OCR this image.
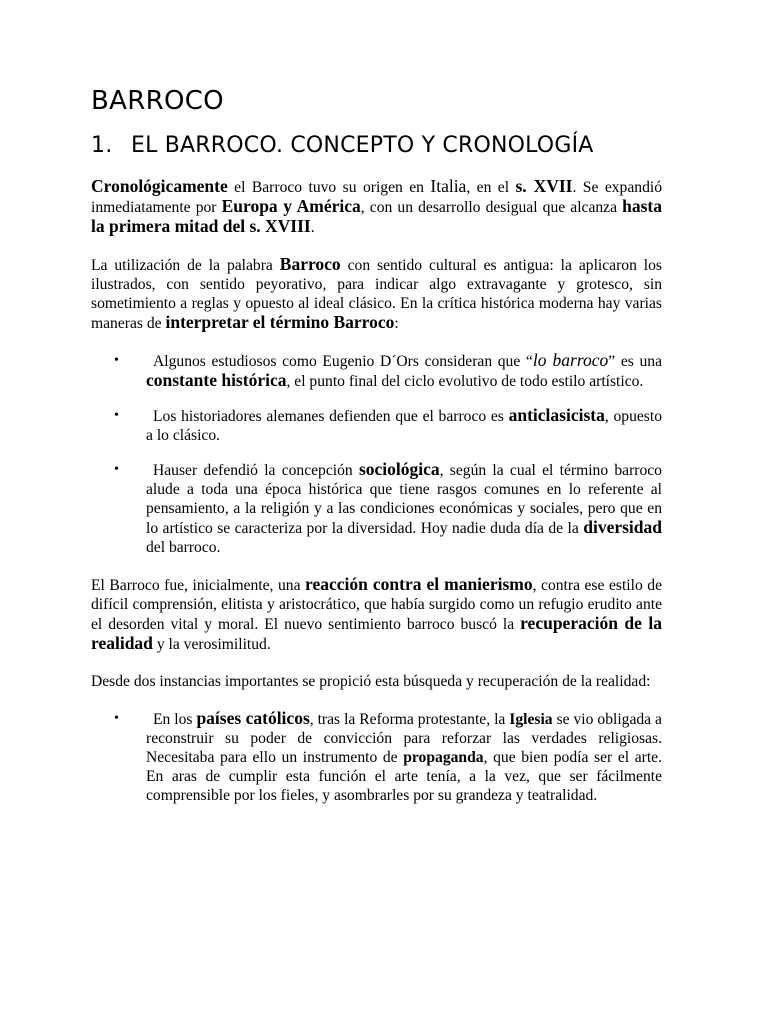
BARROCO
1. EL BARROCO. CONCEPTO Y CRONOLOGÍA

Cronológicamente el Barroco tuvo su origen en Italia, en el s. XVII. Se expandió inmediatamente por Europa y América, con un desarrollo desigual que alcanza hasta la primera mitad del s. XVIII.

La utilización de la palabra Barroco con sentido cultural es antigua: la aplicaron los ilustrados, con sentido peyorativo, para indicar algo extravagante y grotesco, sin sometimiento a reglas y opuesto al ideal clásico. En la crítica histórica moderna hay varias maneras de interpretar el término Barroco:

• Algunos estudiosos como Eugenio D´Ors consideran que “lo barroco” es una constante histórica, el punto final del ciclo evolutivo de todo estilo artístico.
• Los historiadores alemanes defienden que el barroco es anticlasicista, opuesto a lo clásico.
• Hauser defendió la concepción sociológica, según la cual el término barroco alude a toda una época histórica que tiene rasgos comunes en lo referente al pensamiento, a la religión y a las condiciones económicas y sociales, pero que en lo artístico se caracteriza por la diversidad. Hoy nadie duda día de la diversidad del barroco.

El Barroco fue, inicialmente, una reacción contra el manierismo, contra ese estilo de difícil comprensión, elitista y aristocrático, que había surgido como un refugio erudito ante el desorden vital y moral. El nuevo sentimiento barroco buscó la recuperación de la realidad y la verosimilitud.

Desde dos instancias importantes se propició esta búsqueda y recuperación de la realidad:

• En los países católicos, tras la Reforma protestante, la Iglesia se vio obligada a reconstruir su poder de convicción para reforzar las verdades religiosas. Necesitaba para ello un instrumento de propaganda, que bien podía ser el arte. En aras de cumplir esta función el arte tenía, a la vez, que ser fácilmente comprensible por los fieles, y asombrarles por su grandeza y teatralidad.
